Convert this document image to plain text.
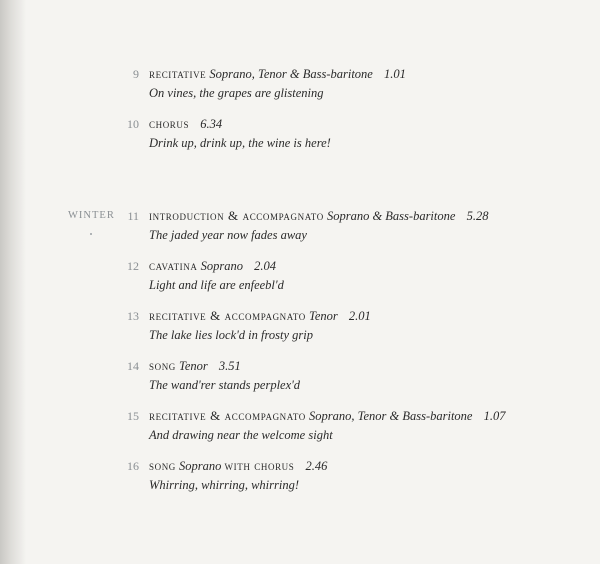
WINTER
9 recitative Soprano, Tenor & Bass-baritone 1.01
On vines, the grapes are glistening
10 chorus 6.34
Drink up, drink up, the wine is here!
11 introduction & accompagnato Soprano & Bass-baritone 5.28
The jaded year now fades away
12 cavatina Soprano 2.04
Light and life are enfeebl'd
13 recitative & accompagnato Tenor 2.01
The lake lies lock'd in frosty grip
14 song Tenor 3.51
The wand'rer stands perplex'd
15 recitative & accompagnato Soprano, Tenor & Bass-baritone 1.07
And drawing near the welcome sight
16 song Soprano with chorus 2.46
Whirring, whirring, whirring!
